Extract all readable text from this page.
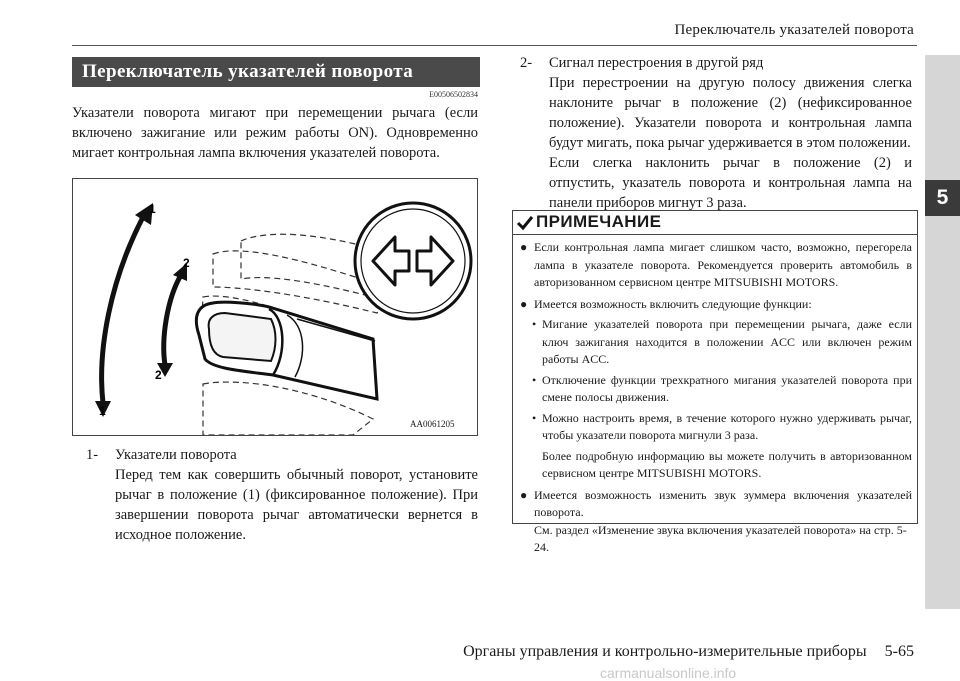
Переключатель указателей поворота
5
Переключатель указателей поворота
E00506502834
Указатели поворота мигают при перемещении рычага (если включено зажигание или режим работы ON). Одновременно мигает контрольная лампа включения указателей поворота.
1
2
2
1
AA0061205
1- Указатели поворота

Перед тем как совершить обычный поворот, установите рычаг в положение (1) (фиксированное положение). При завершении поворота рычаг автоматически вернется в исходное положение.

2- Сигнал перестроения в другой ряд

При перестроении на другую полосу движения слегка наклоните рычаг в положение (2) (нефиксированное положение). Указатели поворота и контрольная лампа будут мигать, пока рычаг удерживается в этом положении.

Если слегка наклонить рычаг в положение (2) и отпустить, указатель поворота и контрольная лампа на панели приборов мигнут 3 раза.

ПРИМЕЧАНИЕ
● Если контрольная лампа мигает слишком часто, возможно, перегорела лампа в указателе поворота. Рекомендуется проверить автомобиль в авторизованном сервисном центре MITSUBISHI MOTORS.
● Имеется возможность включить следующие функции:
• Мигание указателей поворота при перемещении рычага, даже если ключ зажигания находится в положении ACC или включен режим работы ACC.
• Отключение функции трехкратного мигания указателей поворота при смене полосы движения.
• Можно настроить время, в течение которого нужно удерживать рычаг, чтобы указатели поворота мигнули 3 раза.
Более подробную информацию вы можете получить в авторизованном сервисном центре MITSUBISHI MOTORS.
● Имеется возможность изменить звук зуммера включения указателей поворота.
См. раздел «Изменение звука включения указателей поворота» на стр. 5-24.
Органы управления и контрольно-измерительные приборы 5-65
carmanualsonline.info
